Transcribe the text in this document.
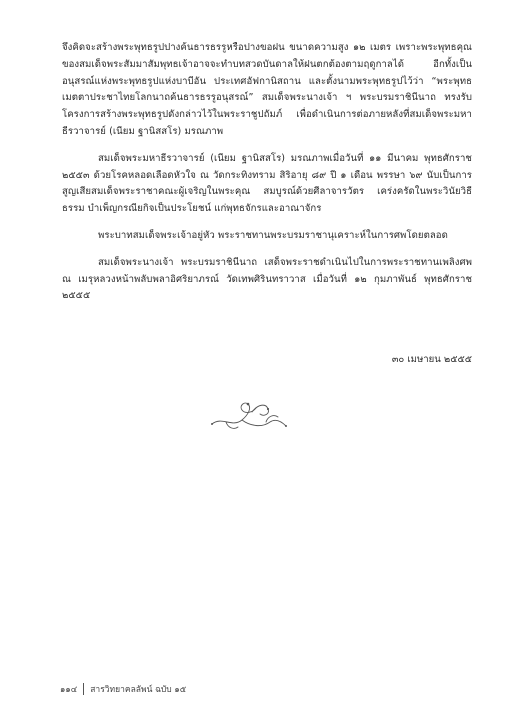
จึงคิดจะสร้างพระพุทธรูปปางค้นธารธรรูหรือปางขอฝน ขนาดความสูง ๑๒ เมตร เพราะพระพุทธคุณของสมเด็จพระสัมมาสัมพุทธเจ้าอาจจะทำบทสวดบันดาลให้ฝนตกต้องตามฤดูกาลได้ อีกทั้งเป็นอนุสรณ์แห่งพระพุทธรูปแห่งบาบีอัน ประเทศอัฟกานิสถาน และตั้งนามพระพุทธรูปไว้ว่า “พระพุทธเมตตาประชาไทยโลกนาถค้นธารธรรูอนุสรณ์” สมเด็จพระนางเจ้า ฯ พระบรมราชินีนาถ ทรงรับโครงการสร้างพระพุทธรูปดังกล่าวไว้ในพระราชูปถัมภ์ เพื่อดำเนินการต่อภายหลังที่สมเด็จพระมหาธีรวาจารย์ (เนียม ฐานิสสโร) มรณภาพ

สมเด็จพระมหาธีรวาจารย์ (เนียม ฐานิสสโร) มรณภาพเมื่อวันที่ ๑๑ มีนาคม พุทธศักราช ๒๕๕๓ ด้วยโรคหลอดเลือดหัวใจ ณ วัดกระทิงทราม สิริอายุ ๘๙ ปี ๑ เดือน พรรษา ๖๙ นับเป็นการสูญเสียสมเด็จพระราชาคณะผู้เจริญในพระคุณ สมบูรณ์ด้วยศีลาจารวัตร เคร่งครัดในพระวินัยวิธีธรรม บำเพ็ญกรณียกิจเป็นประโยชน์ แก่พุทธจักรและอาณาจักร

พระบาทสมเด็จพระเจ้าอยู่หัว พระราชทานพระบรมราชานุเคราะห์ในการศพโดยตลอด

สมเด็จพระนางเจ้า พระบรมราชินีนาถ เสด็จพระราชดำเนินไปในการพระราชทานเพลิงศพ ณ เมรุหลวงหน้าพลับพลาอิศริยาภรณ์ วัดเทพศิรินทราวาส เมื่อวันที่ ๑๒ กุมภาพันธ์ พุทธศักราช ๒๕๕๕

๓๐ เมษายน ๒๕๕๕
๑๑๔ สารวิทยาคลลัพน์ ฉบับ ๑๕
